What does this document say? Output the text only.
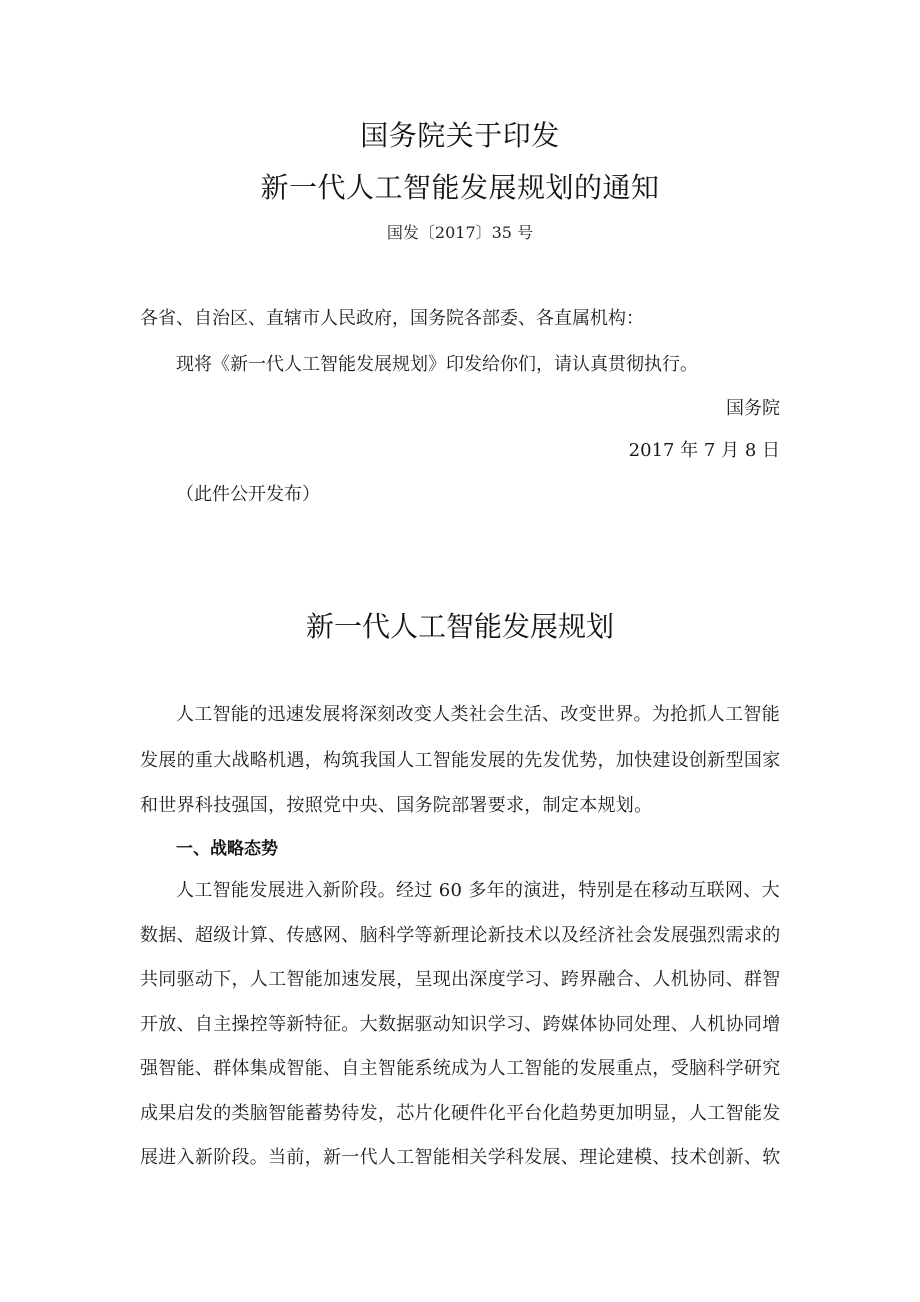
国务院关于印发
新一代人工智能发展规划的通知
国发〔2017〕35 号
各省、自治区、直辖市人民政府，国务院各部委、各直属机构：
现将《新一代人工智能发展规划》印发给你们，请认真贯彻执行。
国务院
2017 年 7 月 8 日
（此件公开发布）
新一代人工智能发展规划
人工智能的迅速发展将深刻改变人类社会生活、改变世界。为抢抓人工智能
发展的重大战略机遇，构筑我国人工智能发展的先发优势，加快建设创新型国家
和世界科技强国，按照党中央、国务院部署要求，制定本规划。
一、战略态势
人工智能发展进入新阶段。经过 60 多年的演进，特别是在移动互联网、大
数据、超级计算、传感网、脑科学等新理论新技术以及经济社会发展强烈需求的
共同驱动下，人工智能加速发展，呈现出深度学习、跨界融合、人机协同、群智
开放、自主操控等新特征。大数据驱动知识学习、跨媒体协同处理、人机协同增
强智能、群体集成智能、自主智能系统成为人工智能的发展重点，受脑科学研究
成果启发的类脑智能蓄势待发，芯片化硬件化平台化趋势更加明显，人工智能发
展进入新阶段。当前，新一代人工智能相关学科发展、理论建模、技术创新、软
